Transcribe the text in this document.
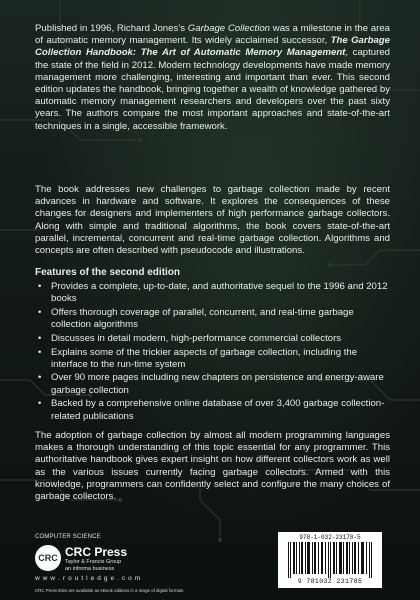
Published in 1996, Richard Jones’s Garbage Collection was a milestone in the area of automatic memory management. Its widely acclaimed successor, The Garbage Collection Handbook: The Art of Automatic Memory Management, captured the state of the field in 2012. Modern technology developments have made memory management more challenging, interesting and important than ever. This second edition updates the handbook, bringing together a wealth of knowledge gathered by automatic memory management researchers and developers over the past sixty years. The authors compare the most important approaches and state-of-the-art techniques in a single, accessible framework.

The book addresses new challenges to garbage collection made by recent advances in hardware and software. It explores the consequences of these changes for designers and implementers of high performance garbage collectors. Along with simple and traditional algorithms, the book covers state-of-the-art parallel, incremental, concurrent and real-time garbage collection. Algorithms and concepts are often described with pseudocode and illustrations.

Features of the second edition

• Provides a complete, up-to-date, and authoritative sequel to the 1996 and 2012 books
• Offers thorough coverage of parallel, concurrent, and real-time garbage collection algorithms
• Discusses in detail modern, high-performance commercial collectors
• Explains some of the trickier aspects of garbage collection, including the interface to the run-time system
• Over 90 more pages including new chapters on persistence and energy-aware garbage collection
• Backed by a comprehensive online database of over 3,400 garbage collection-related publications

The adoption of garbage collection by almost all modern programming languages makes a thorough understanding of this topic essential for any programmer. This authoritative handbook gives expert insight on how different collectors work as well as the various issues currently facing garbage collectors. Armed with this knowledge, programmers can confidently select and configure the many choices of garbage collectors.

COMPUTER SCIENCE
CRC CRC Press
Taylor & Francis Group
an informa business
w w w . r o u t l e d g e . c o m
CRC Press titles are available as eBook editions in a range of digital formats
978-1-032-23178-5
9 781032 231785
